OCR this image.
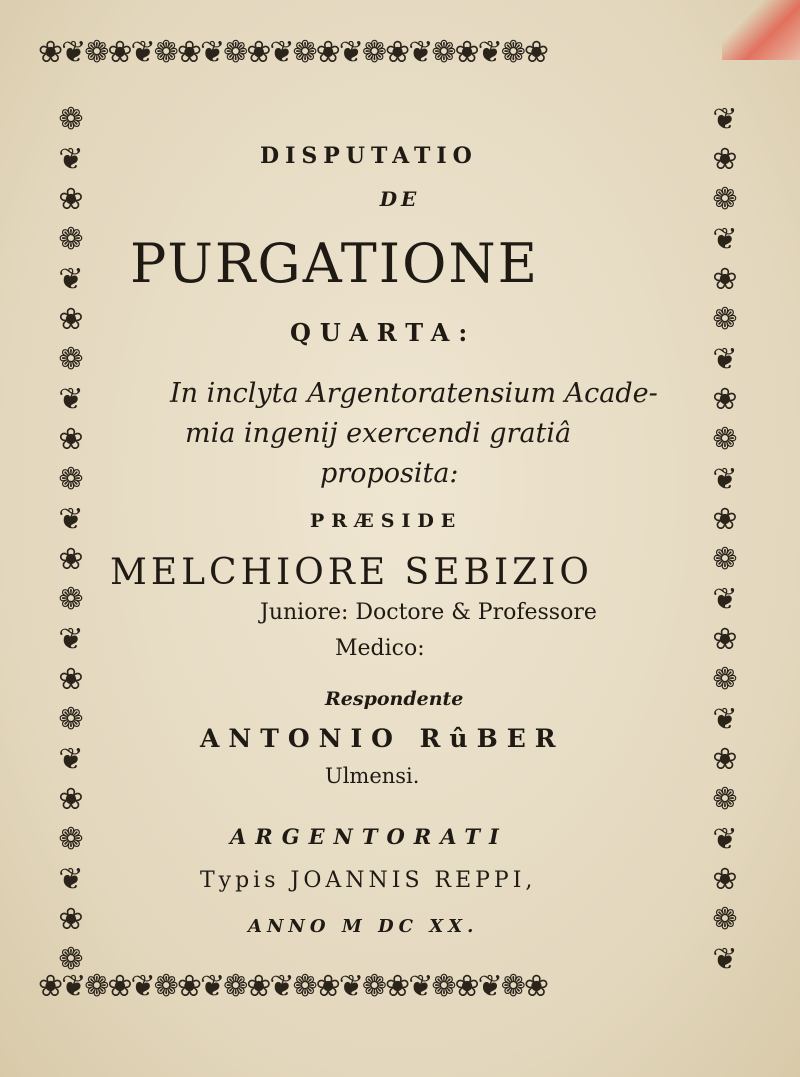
❀❦❁❀❦❁❀❦❁❀❦❁❀❦❁❀❦❁❀❦❁❀
❀❦❁❀❦❁❀❦❁❀❦❁❀❦❁❀❦❁❀❦❁❀
❁
❦
❀
❁
❦
❀
❁
❦
❀
❁
❦
❀
❁
❦
❀
❁
❦
❀
❁
❦
❀
❁
❦
❀
❁
❦
❀
❁
❦
❀
❁
❦
❀
❁
❦
❀
❁
❦
❀
❁
❦
❀
❁
❦
DISPUTATIO
DE
PURGATIONE
QUARTA:
In inclyta Argentoratensium Acade-
mia ingenij exercendi gratiâ
proposita:
PRÆSIDE
MELCHIORE SEBIZIO
Juniore: Doctore & Professore
Medico:
Respondente
ANTONIO RûBER
Ulmensi.
ARGENTORATI
Typis JOANNIS REPPI,
ANNO M DC XX.
